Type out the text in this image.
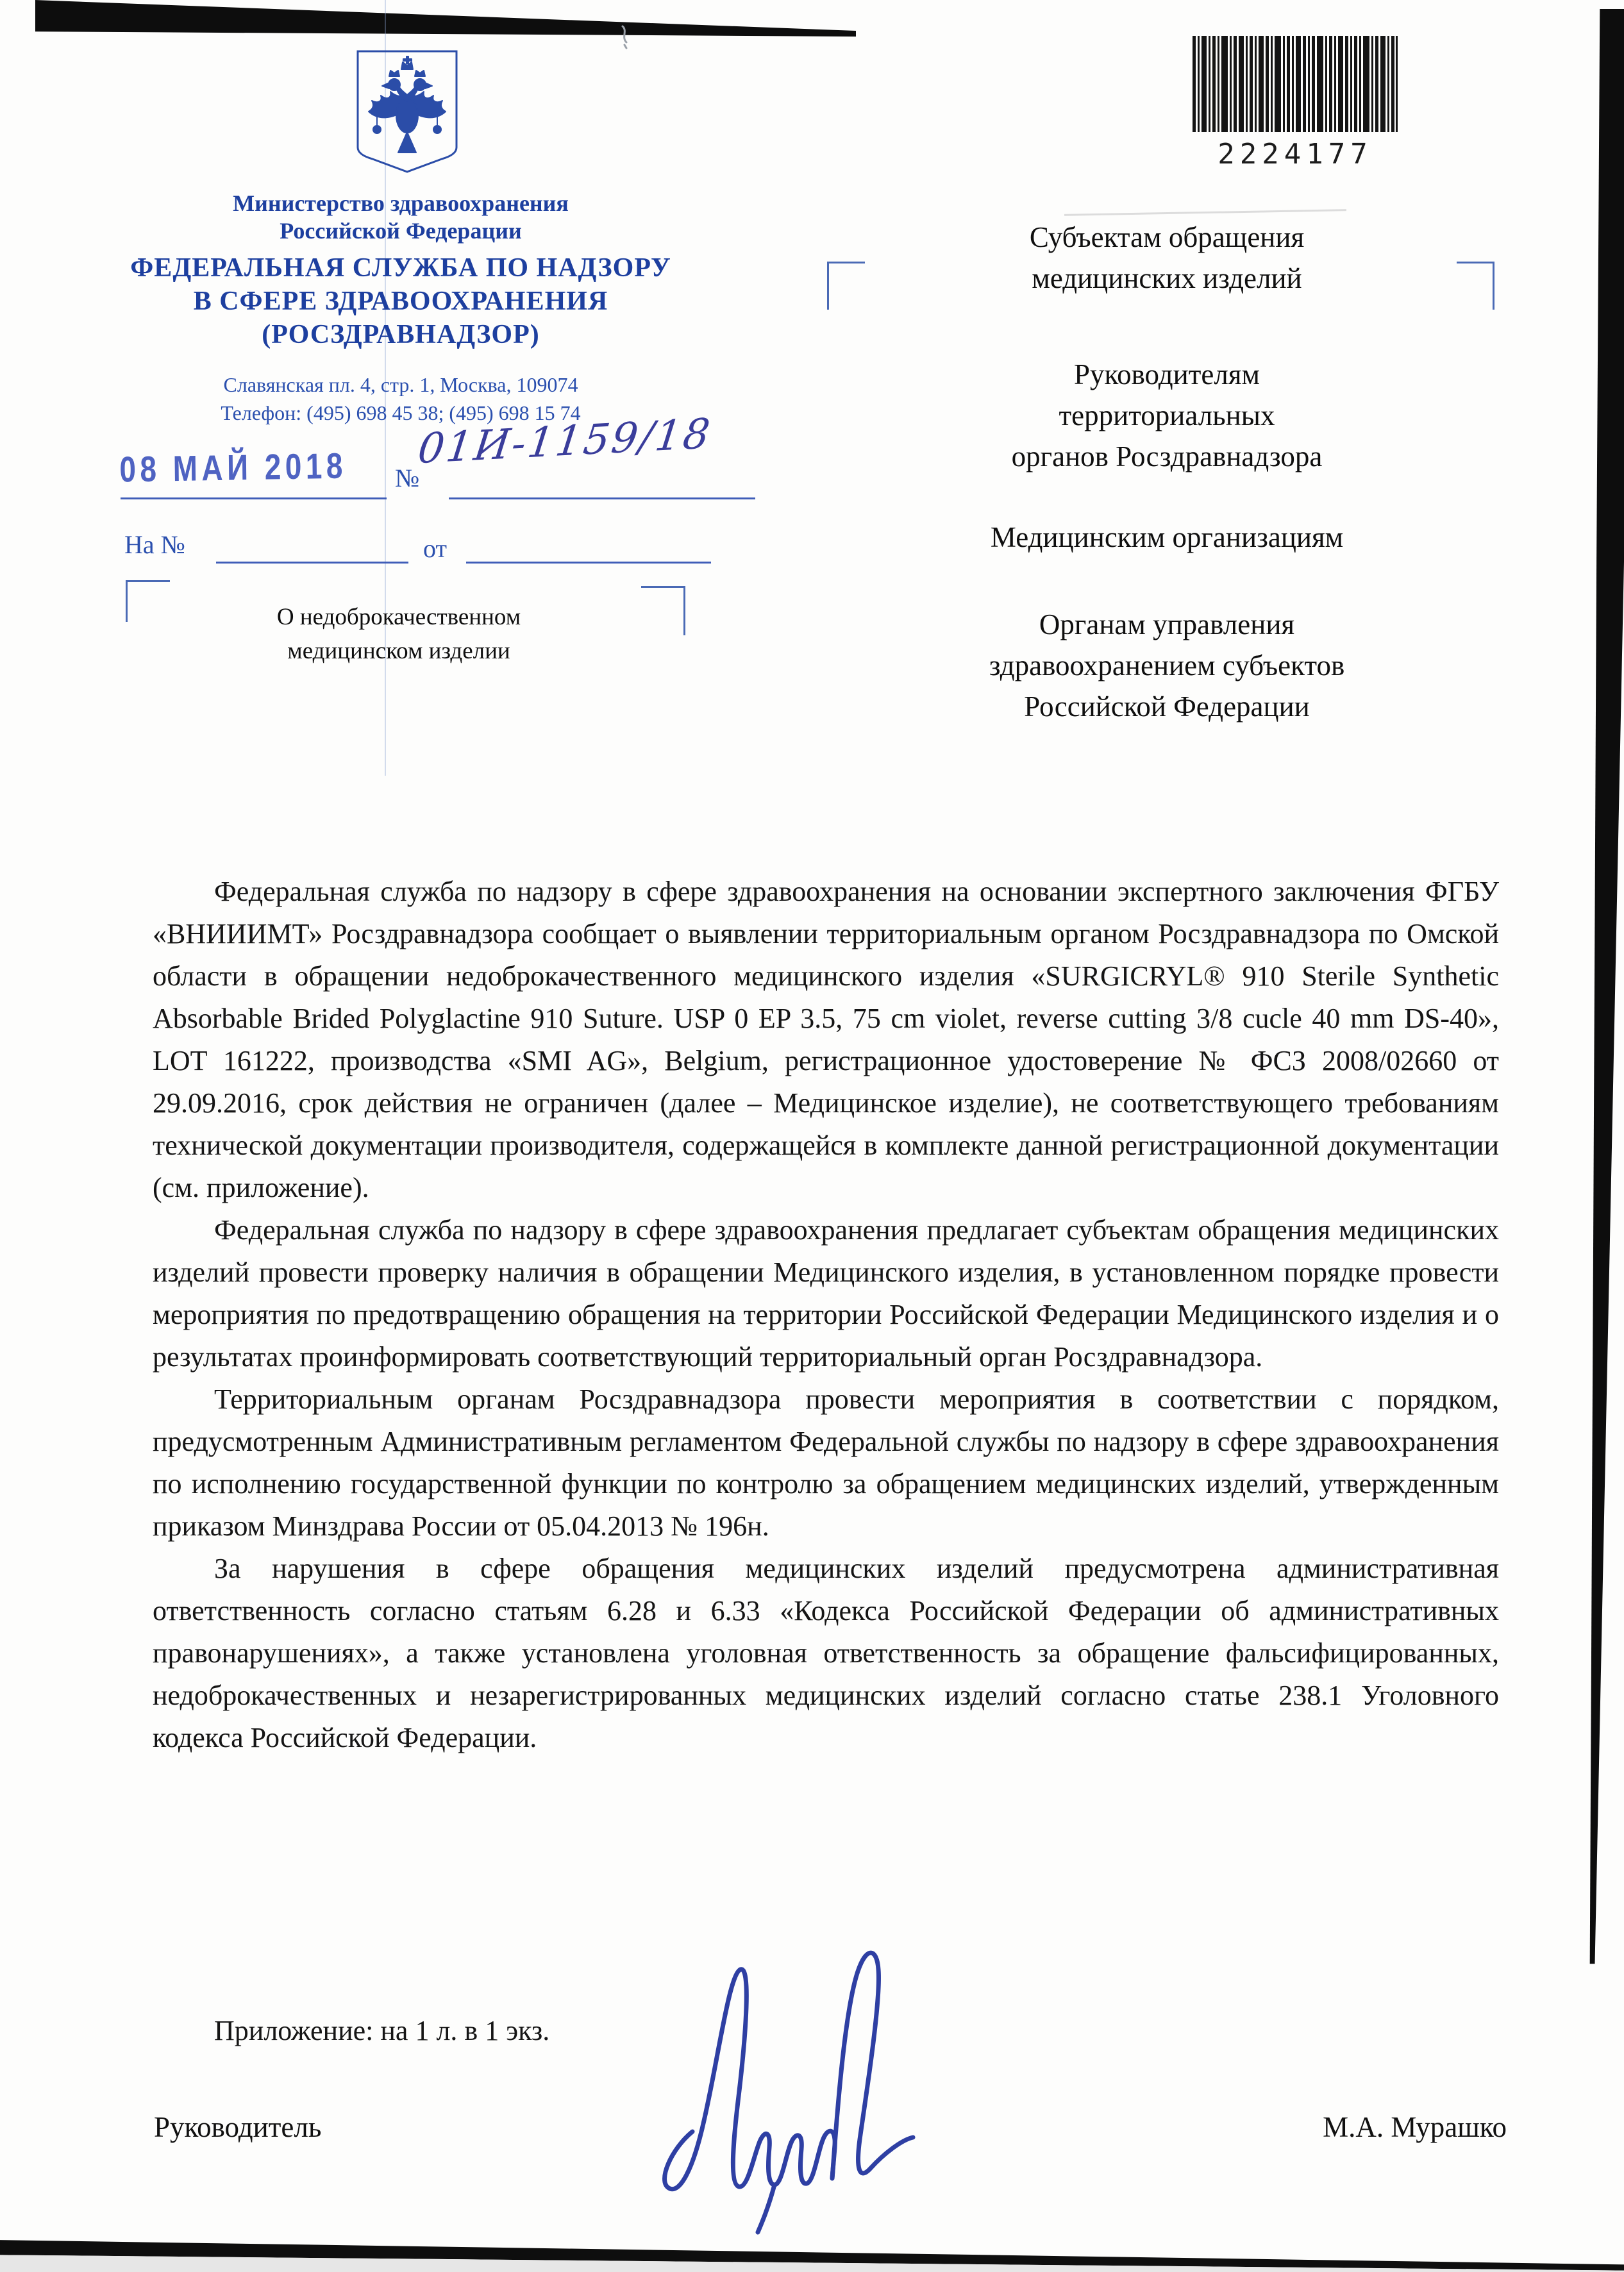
Министерство здравоохранения
Российской Федерации
ФЕДЕРАЛЬНАЯ СЛУЖБА ПО НАДЗОРУ
В СФЕРЕ ЗДРАВООХРАНЕНИЯ
(РОСЗДРАВНАДЗОР)
Славянская пл. 4, стр. 1, Москва, 109074
Телефон: (495) 698 45 38; (495) 698 15 74
08 МАЙ 2018 №
01И-1159/18
На №	от
О недоброкачественном
медицинском изделии
2224177
Субъектам обращения
медицинских изделий
Руководителям
территориальных
органов Росздравнадзора
Медицинским организациям
Органам управления
здравоохранением субъектов
Российской Федерации

Федеральная служба по надзору в сфере здравоохранения на основании экспертного заключения ФГБУ «ВНИИИМТ» Росздравнадзора сообщает о выявлении территориальным органом Росздравнадзора по Омской области в обращении недоброкачественного медицинского изделия «SURGICRYL® 910 Sterile Synthetic Absorbable Brided Polyglactine 910 Suture. USP 0 EP 3.5, 75 cm violet, reverse cutting 3/8 cucle 40 mm DS-40», LOT 161222, производства «SMI AG», Belgium, регистрационное удостоверение № ФСЗ 2008/02660 от 29.09.2016, срок действия не ограничен (далее – Медицинское изделие), не соответствующего требованиям технической документации производителя, содержащейся в комплекте данной регистрационной документации (см. приложение).

Федеральная служба по надзору в сфере здравоохранения предлагает субъектам обращения медицинских изделий провести проверку наличия в обращении Медицинского изделия, в установленном порядке провести мероприятия по предотвращению обращения на территории Российской Федерации Медицинского изделия и о результатах проинформировать соответствующий территориальный орган Росздравнадзора.

Территориальным органам Росздравнадзора провести мероприятия в соответствии с порядком, предусмотренным Административным регламентом Федеральной службы по надзору в сфере здравоохранения по исполнению государственной функции по контролю за обращением медицинских изделий, утвержденным приказом Минздрава России от 05.04.2013 № 196н.

За нарушения в сфере обращения медицинских изделий предусмотрена административная ответственность согласно статьям 6.28 и 6.33 «Кодекса Российской Федерации об административных правонарушениях», а также установлена уголовная ответственность за обращение фальсифицированных, недоброкачественных и незарегистрированных медицинских изделий согласно статье 238.1 Уголовного кодекса Российской Федерации.

Приложение: на 1 л. в 1 экз.
Руководитель	М.А. Мурашко
